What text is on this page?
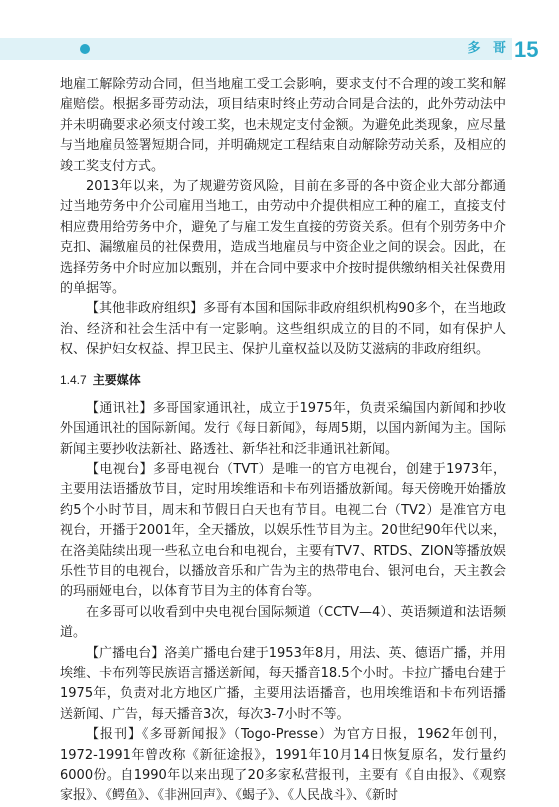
多 哥 15

地雇工解除劳动合同，但当地雇工受工会影响，要求支付不合理的竣工奖和解雇赔偿。根据多哥劳动法，项目结束时终止劳动合同是合法的，此外劳动法中并未明确要求必须支付竣工奖，也未规定支付金额。为避免此类现象，应尽量与当地雇员签署短期合同，并明确规定工程结束自动解除劳动关系，及相应的竣工奖支付方式。

2013年以来，为了规避劳资风险，目前在多哥的各中资企业大部分都通过当地劳务中介公司雇用当地工，由劳动中介提供相应工种的雇工，直接支付相应费用给劳务中介，避免了与雇工发生直接的劳资关系。但有个别劳务中介克扣、漏缴雇员的社保费用，造成当地雇员与中资企业之间的误会。因此，在选择劳务中介时应加以甄别，并在合同中要求中介按时提供缴纳相关社保费用的单据等。

【其他非政府组织】多哥有本国和国际非政府组织机构90多个，在当地政治、经济和社会生活中有一定影响。这些组织成立的目的不同，如有保护人权、保护妇女权益、捍卫民主、保护儿童权益以及防艾滋病的非政府组织。

1.4.7 主要媒体

【通讯社】多哥国家通讯社，成立于1975年，负责采编国内新闻和抄收外国通讯社的国际新闻。发行《每日新闻》，每周5期，以国内新闻为主。国际新闻主要抄收法新社、路透社、新华社和泛非通讯社新闻。

【电视台】多哥电视台（TVT）是唯一的官方电视台，创建于1973年，主要用法语播放节目，定时用埃维语和卡布列语播放新闻。每天傍晚开始播放约5个小时节目，周末和节假日白天也有节目。电视二台（TV2）是准官方电视台，开播于2001年，全天播放，以娱乐性节目为主。20世纪90年代以来，在洛美陆续出现一些私立电台和电视台，主要有TV7、RTDS、ZION等播放娱乐性节目的电视台，以播放音乐和广告为主的热带电台、银河电台，天主教会的玛丽娅电台，以体育节目为主的体育台等。

在多哥可以收看到中央电视台国际频道（CCTV—4）、英语频道和法语频道。

【广播电台】洛美广播电台建于1953年8月，用法、英、德语广播，并用埃维、卡布列等民族语言播送新闻，每天播音18.5个小时。卡拉广播电台建于1975年，负责对北方地区广播，主要用法语播音，也用埃维语和卡布列语播送新闻、广告，每天播音3次，每次3-7小时不等。

【报刊】《多哥新闻报》（Togo-Presse）为官方日报，1962年创刊，1972-1991年曾改称《新征途报》，1991年10月14日恢复原名，发行量约6000份。自1990年以来出现了20多家私营报刊，主要有《自由报》、《观察家报》、《鳄鱼》、《非洲回声》、《蝎子》、《人民战斗》、《新时
